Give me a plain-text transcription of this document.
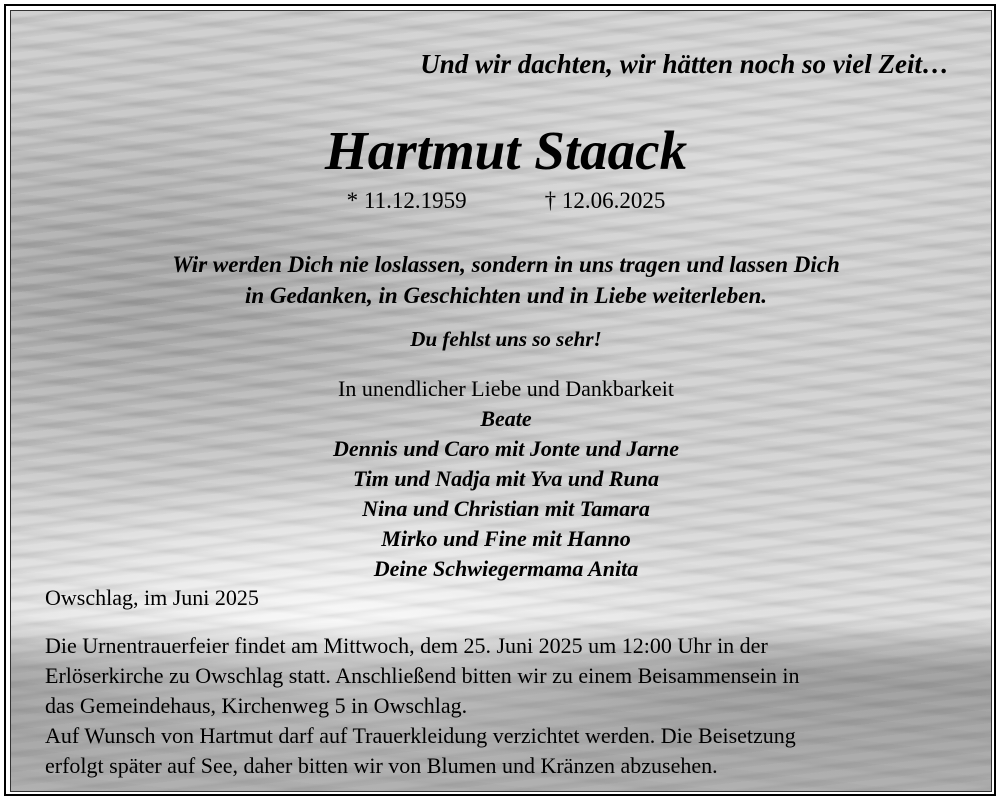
Und wir dachten, wir hätten noch so viel Zeit…

Hartmut Staack

* 11.12.1959	† 12.06.2025

Wir werden Dich nie loslassen, sondern in uns tragen und lassen Dich
in Gedanken, in Geschichten und in Liebe weiterleben.

Du fehlst uns so sehr!

In unendlicher Liebe und Dankbarkeit
Beate
Dennis und Caro mit Jonte und Jarne
Tim und Nadja mit Yva und Runa
Nina und Christian mit Tamara
Mirko und Fine mit Hanno
Deine Schwiegermama Anita

Owschlag, im Juni 2025

Die Urnentrauerfeier findet am Mittwoch, dem 25. Juni 2025 um 12:00 Uhr in der
Erlöserkirche zu Owschlag statt. Anschließend bitten wir zu einem Beisammensein in
das Gemeindehaus, Kirchenweg 5 in Owschlag.
Auf Wunsch von Hartmut darf auf Trauerkleidung verzichtet werden. Die Beisetzung
erfolgt später auf See, daher bitten wir von Blumen und Kränzen abzusehen.
